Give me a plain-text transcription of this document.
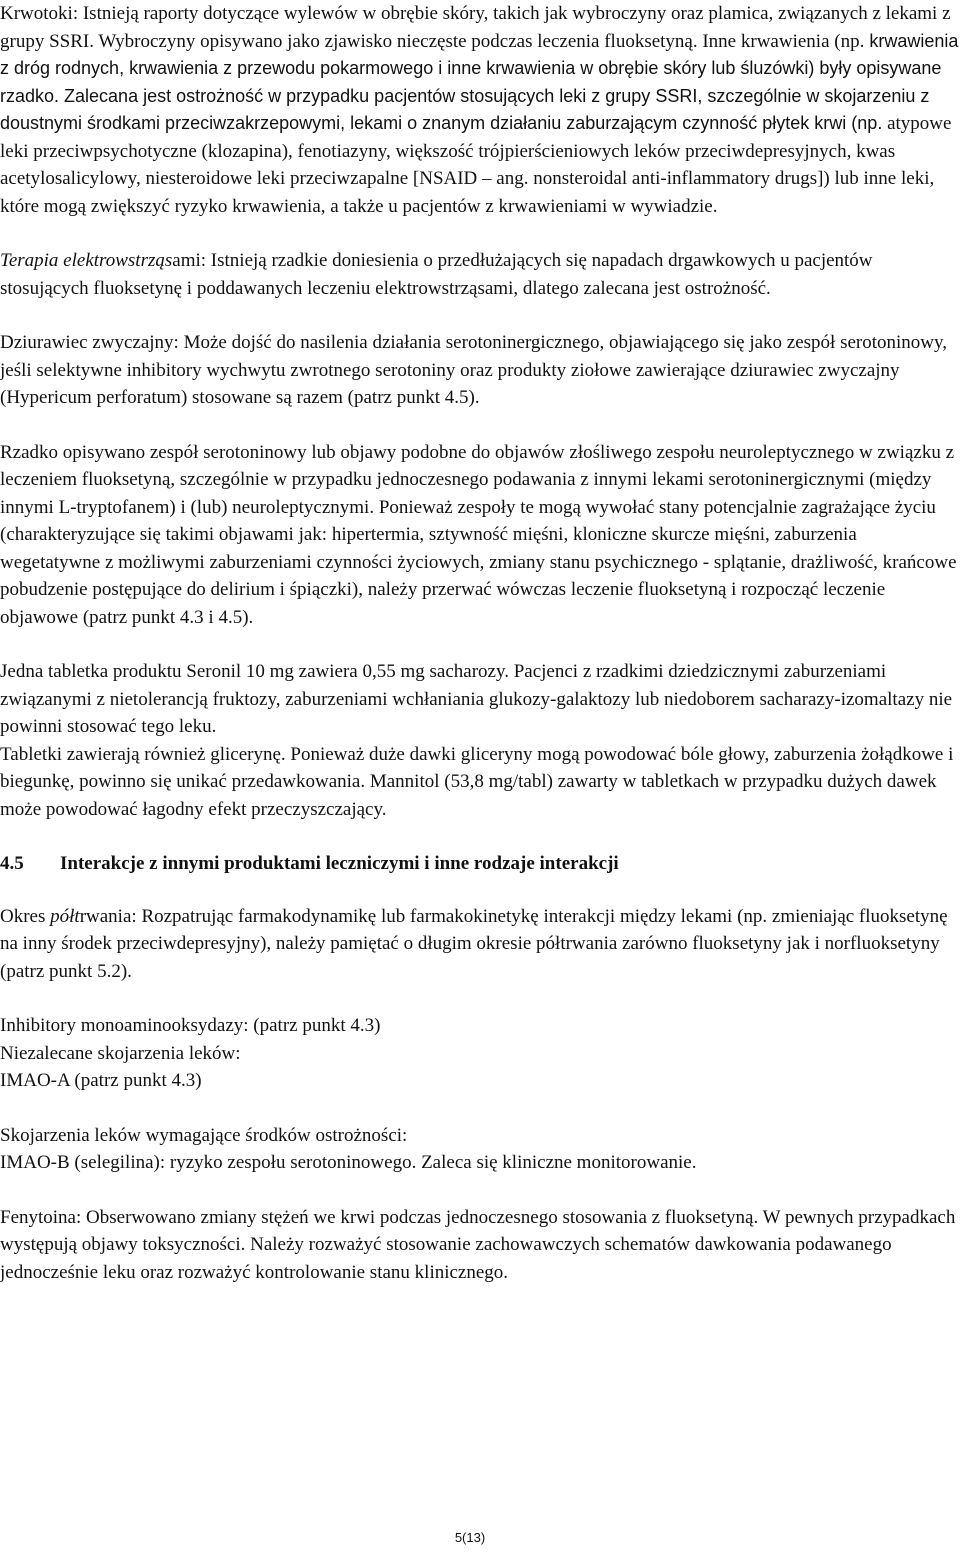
Krwotoki: Istnieją raporty dotyczące wylewów w obrębie skóry, takich jak wybroczyny oraz plamica, związanych z lekami z grupy SSRI. Wybroczyny opisywano jako zjawisko nieczęste podczas leczenia fluoksetyną. Inne krwawienia (np. krwawienia z dróg rodnych, krwawienia z przewodu pokarmowego i inne krwawienia w obrębie skóry lub śluzówki) były opisywane rzadko. Zalecana jest ostrożność w przypadku pacjentów stosujących leki z grupy SSRI, szczególnie w skojarzeniu z doustnymi środkami przeciwzakrzepowymi, lekami o znanym działaniu zaburzającym czynność płytek krwi (np. atypowe leki przeciwpsychotyczne (klozapina), fenotiazyny, większość trójpierścieniowych leków przeciwdepresyjnych, kwas acetylosalicylowy, niesteroidowe leki przeciwzapalne [NSAID – ang. nonsteroidal anti-inflammatory drugs]) lub inne leki, które mogą zwiększyć ryzyko krwawienia, a także u pacjentów z krwawieniami w wywiadzie.

Terapia elektrowstrząsami: Istnieją rzadkie doniesienia o przedłużających się napadach drgawkowych u pacjentów stosujących fluoksetynę i poddawanych leczeniu elektrowstrząsami, dlatego zalecana jest ostrożność.

Dziurawiec zwyczajny: Może dojść do nasilenia działania serotoninergicznego, objawiającego się jako zespół serotoninowy, jeśli selektywne inhibitory wychwytu zwrotnego serotoniny oraz produkty ziołowe zawierające dziurawiec zwyczajny (Hypericum perforatum) stosowane są razem (patrz punkt 4.5).

Rzadko opisywano zespół serotoninowy lub objawy podobne do objawów złośliwego zespołu neuroleptycznego w związku z leczeniem fluoksetyną, szczególnie w przypadku jednoczesnego podawania z innymi lekami serotoninergicznymi (między innymi L-tryptofanem) i (lub) neuroleptycznymi. Ponieważ zespoły te mogą wywołać stany potencjalnie zagrażające życiu (charakteryzujące się takimi objawami jak: hipertermia, sztywność mięśni, kloniczne skurcze mięśni, zaburzenia wegetatywne z możliwymi zaburzeniami czynności życiowych, zmiany stanu psychicznego - splątanie, drażliwość, krańcowe pobudzenie postępujące do delirium i śpiączki), należy przerwać wówczas leczenie fluoksetyną i rozpocząć leczenie objawowe (patrz punkt 4.3 i 4.5).

Jedna tabletka produktu Seronil 10 mg zawiera 0,55 mg sacharozy. Pacjenci z rzadkimi dziedzicznymi zaburzeniami związanymi z nietolerancją fruktozy, zaburzeniami wchłaniania glukozy-galaktozy lub niedoborem sacharazy-izomaltazy nie powinni stosować tego leku.

Tabletki zawierają również glicerynę. Ponieważ duże dawki gliceryny mogą powodować bóle głowy, zaburzenia żołądkowe i biegunkę, powinno się unikać przedawkowania. Mannitol (53,8 mg/tabl) zawarty w tabletkach w przypadku dużych dawek może powodować łagodny efekt przeczyszczający.

4.5 Interakcje z innymi produktami leczniczymi i inne rodzaje interakcji

Okres półtrwania: Rozpatrując farmakodynamikę lub farmakokinetykę interakcji między lekami (np. zmieniając fluoksetynę na inny środek przeciwdepresyjny), należy pamiętać o długim okresie półtrwania zarówno fluoksetyny jak i norfluoksetyny (patrz punkt 5.2).

Inhibitory monoaminooksydazy: (patrz punkt 4.3)

Niezalecane skojarzenia leków:

IMAO-A (patrz punkt 4.3)

Skojarzenia leków wymagające środków ostrożności:

IMAO-B (selegilina): ryzyko zespołu serotoninowego. Zaleca się kliniczne monitorowanie.

Fenytoina: Obserwowano zmiany stężeń we krwi podczas jednoczesnego stosowania z fluoksetyną. W pewnych przypadkach występują objawy toksyczności. Należy rozważyć stosowanie zachowawczych schematów dawkowania podawanego jednocześnie leku oraz rozważyć kontrolowanie stanu klinicznego.

5(13)
